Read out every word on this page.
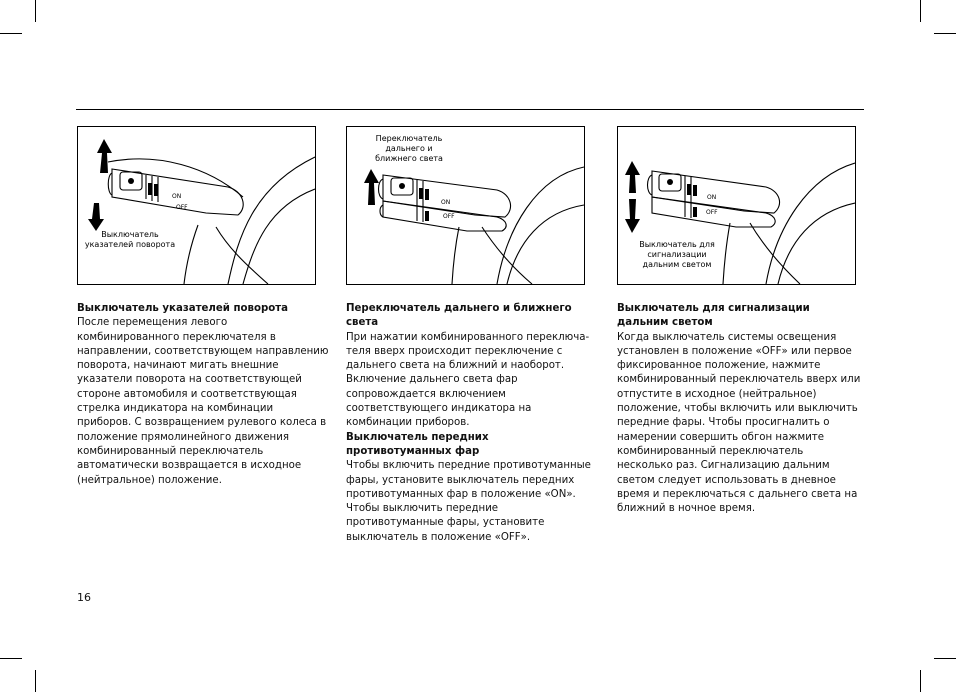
ON
OFF
Выключатель указателей поворота
ON
OFF
Переключатель дальнего и ближнего света
ON
OFF
Выключатель для сигнализации дальним светом
Выключатель указателей поворота

После перемещения левого комбинированного переключателя в направлении, соответствующем направлению поворота, начинают мигать внешние указатели поворота на соответствующей стороне автомобиля и соответствующая стрелка индикатора на комбинации приборов. С возвращением рулевого колеса в положение прямолинейного движения комбинированный переключатель автоматически возвращается в исходное (нейтральное) положение.

Переключатель дальнего и ближнего света

При нажатии комбинированного переключа-теля вверх происходит переключение с дальнего света на ближний и наоборот. Включение дальнего света фар сопровождается включением соответствующего индикатора на комбинации приборов.

Выключатель передних противотуманных фар

Чтобы включить передние противотуманные фары, установите выключатель передних противотуманных фар в положение «ON». Чтобы выключить передние противотуманные фары, установите выключатель в положение «OFF».

Выключатель для сигнализации дальним светом

Когда выключатель системы освещения установлен в положение «OFF» или первое фиксированное положение, нажмите комбинированный переключатель вверх или отпустите в исходное (нейтральное) положение, чтобы включить или выключить передние фары. Чтобы просигналить о намерении совершить обгон нажмите комбинированный переключатель несколько раз. Сигнализацию дальним светом следует использовать в дневное время и переключаться с дальнего света на ближний в ночное время.

16
